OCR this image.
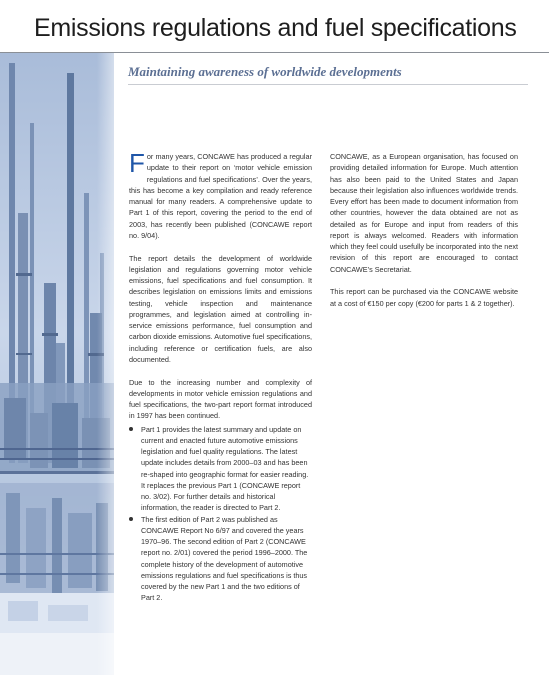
Emissions regulations and fuel specifications
Maintaining awareness of worldwide developments

For many years, CONCAWE has produced a regular update to their report on ‘motor vehicle emission regulations and fuel specifications’. Over the years, this has become a key compilation and ready reference manual for many readers. A comprehensive update to Part 1 of this report, covering the period to the end of 2003, has recently been published (CONCAWE report no. 9/04).

The report details the development of worldwide legislation and regulations governing motor vehicle emissions, fuel specifications and fuel consumption. It describes legislation on emissions limits and emissions testing, vehicle inspection and maintenance programmes, and legislation aimed at controlling in-service emissions performance, fuel consumption and carbon dioxide emissions. Automotive fuel specifications, including reference or certification fuels, are also documented.

Due to the increasing number and complexity of developments in motor vehicle emission regulations and fuel specifications, the two-part report format introduced in 1997 has been continued.

Part 1 provides the latest summary and update on current and enacted future automotive emissions legislation and fuel quality regulations. The latest update includes details from 2000–03 and has been re-shaped into geographic format for easier reading. It replaces the previous Part 1 (CONCAWE report no. 3/02). For further details and historical information, the reader is directed to Part 2.
The first edition of Part 2 was published as CONCAWE Report No 6/97 and covered the years 1970–96. The second edition of Part 2 (CONCAWE report no. 2/01) covered the period 1996–2000. The complete history of the development of automotive emissions regulations and fuel specifications is thus covered by the new Part 1 and the two editions of Part 2.

CONCAWE, as a European organisation, has focused on providing detailed information for Europe. Much attention has also been paid to the United States and Japan because their legislation also influences worldwide trends. Every effort has been made to document information from other countries, however the data obtained are not as detailed as for Europe and input from readers of this report is always welcomed. Readers with information which they feel could usefully be incorporated into the next revision of this report are encouraged to contact CONCAWE’s Secretariat.

This report can be purchased via the CONCAWE website at a cost of €150 per copy (€200 for parts 1 & 2 together).
